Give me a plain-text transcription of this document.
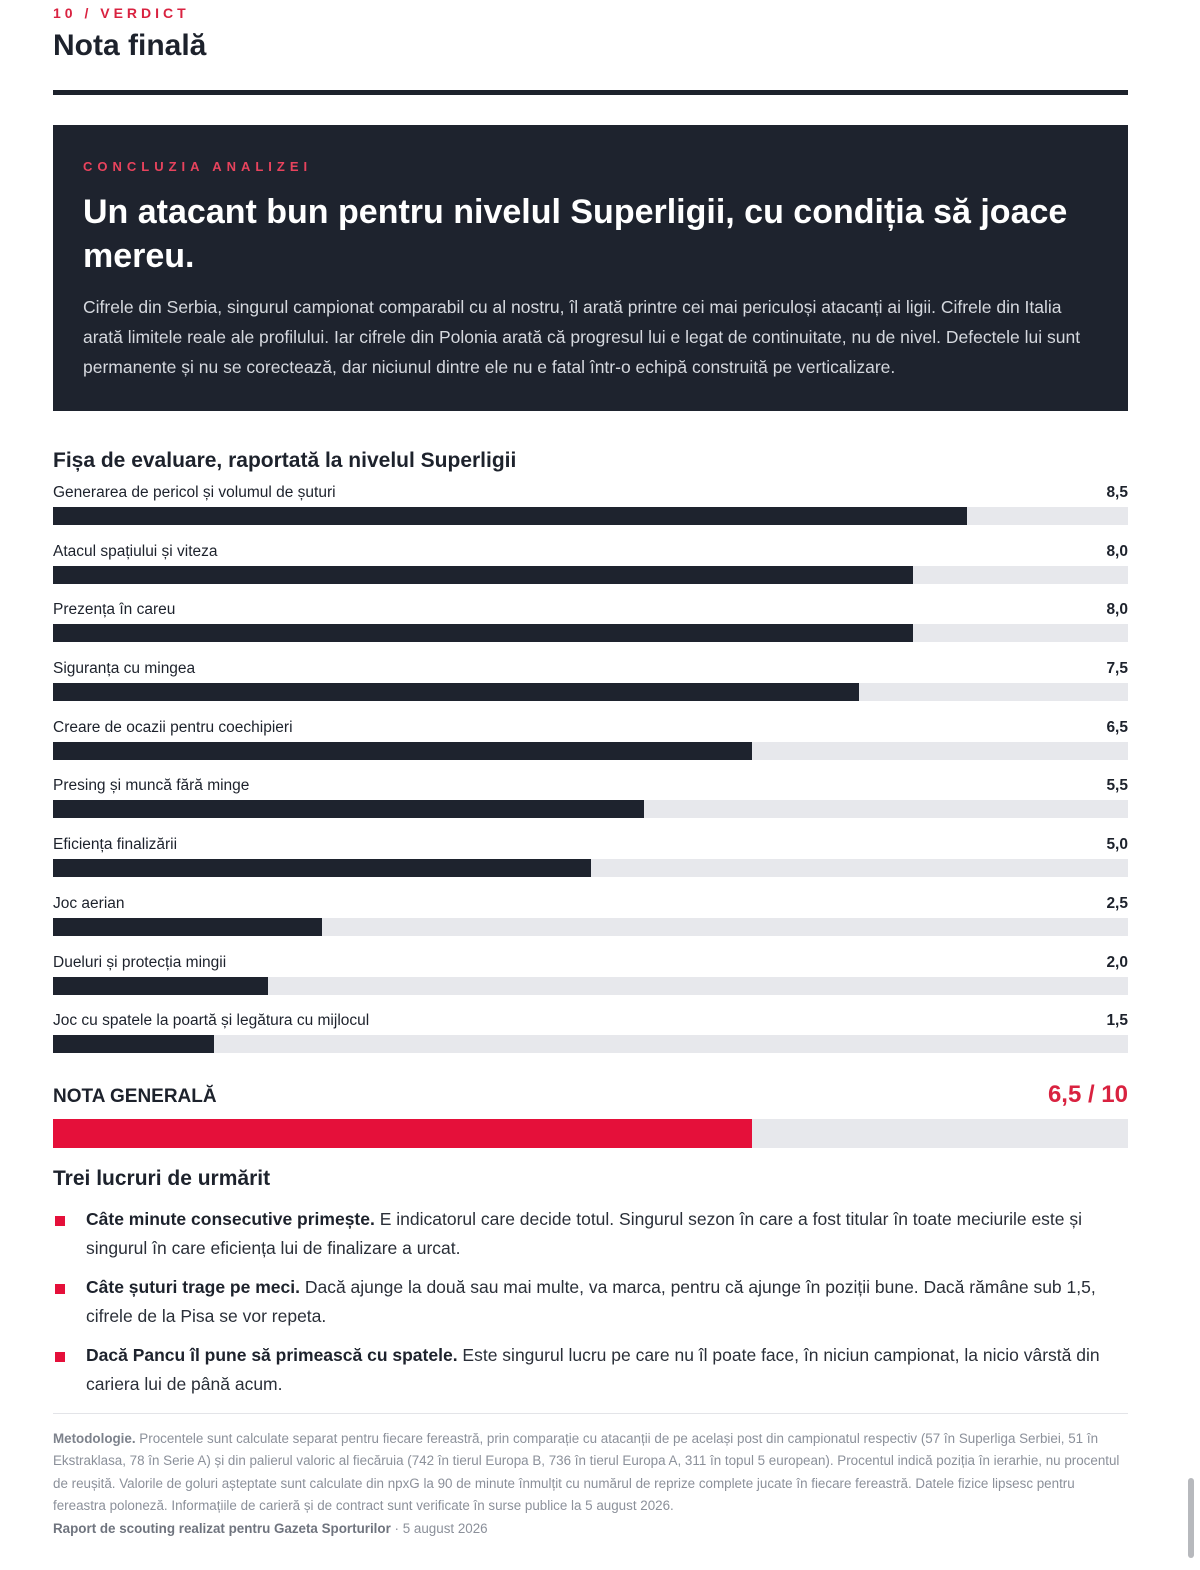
10 / VERDICT
Nota finală
CONCLUZIA ANALIZEI
Un atacant bun pentru nivelul Superligii, cu condiția să joace mereu.
Cifrele din Serbia, singurul campionat comparabil cu al nostru, îl arată printre cei mai periculoși atacanți ai ligii. Cifrele din Italia arată limitele reale ale profilului. Iar cifrele din Polonia arată că progresul lui e legat de continuitate, nu de nivel. Defectele lui sunt permanente și nu se corectează, dar niciunul dintre ele nu e fatal într-o echipă construită pe verticalizare.
Fișa de evaluare, raportată la nivelul Superligii
Generarea de pericol și volumul de șuturi	8,5
Atacul spațiului și viteza	8,0
Prezența în careu	8,0
Siguranța cu mingea	7,5
Creare de ocazii pentru coechipieri	6,5
Presing și muncă fără minge	5,5
Eficiența finalizării	5,0
Joc aerian	2,5
Dueluri și protecția mingii	2,0
Joc cu spatele la poartă și legătura cu mijlocul	1,5
NOTA GENERALĂ	6,5 / 10
Trei lucruri de urmărit
Câte minute consecutive primește. E indicatorul care decide totul. Singurul sezon în care a fost titular în toate meciurile este și singurul în care eficiența lui de finalizare a urcat.
Câte șuturi trage pe meci. Dacă ajunge la două sau mai multe, va marca, pentru că ajunge în poziții bune. Dacă rămâne sub 1,5, cifrele de la Pisa se vor repeta.
Dacă Pancu îl pune să primească cu spatele. Este singurul lucru pe care nu îl poate face, în niciun campionat, la nicio vârstă din cariera lui de până acum.
Metodologie. Procentele sunt calculate separat pentru fiecare fereastră, prin comparație cu atacanții de pe același post din campionatul respectiv (57 în Superliga Serbiei, 51 în Ekstraklasa, 78 în Serie A) și din palierul valoric al fiecăruia (742 în tierul Europa B, 736 în tierul Europa A, 311 în topul 5 european). Procentul indică poziția în ierarhie, nu procentul de reușită. Valorile de goluri așteptate sunt calculate din npxG la 90 de minute înmulțit cu numărul de reprize complete jucate în fiecare fereastră. Datele fizice lipsesc pentru fereastra poloneză. Informațiile de carieră și de contract sunt verificate în surse publice la 5 august 2026.
Raport de scouting realizat pentru Gazeta Sporturilor · 5 august 2026
